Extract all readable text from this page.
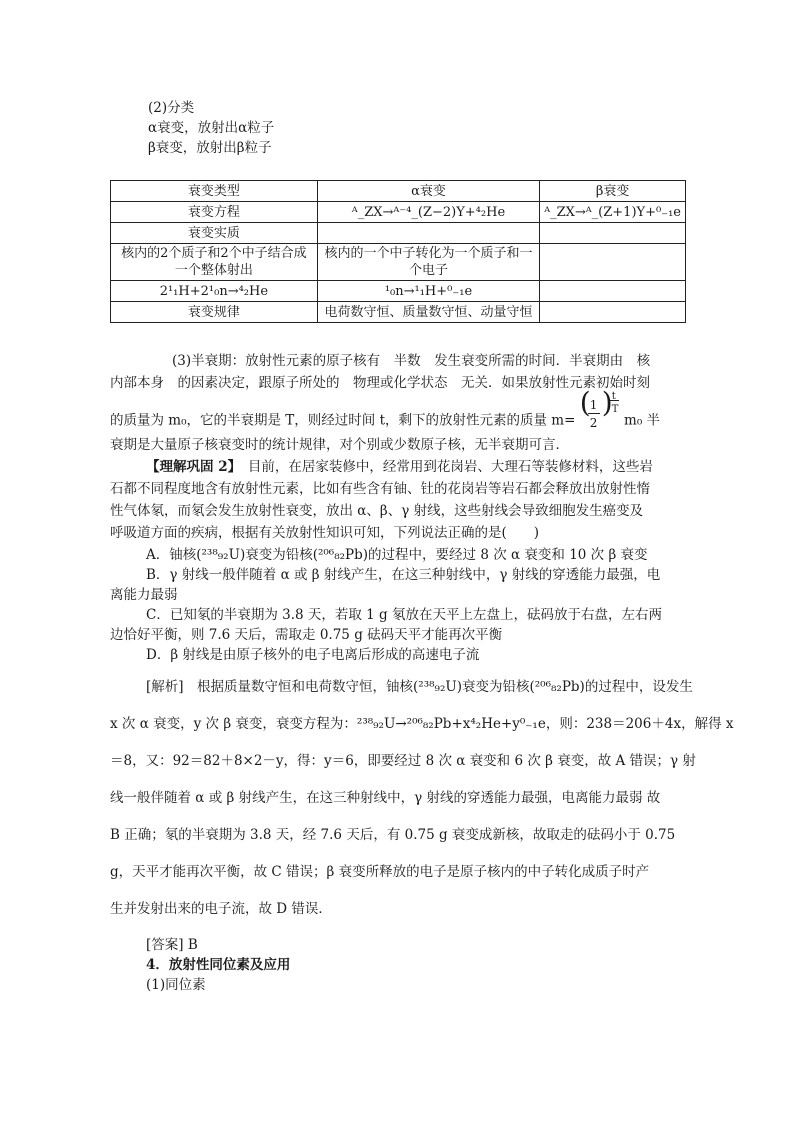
(2)分类
α衰变，放射出α粒子
β衰变，放射出β粒子
衰变类型	α衰变	β衰变
衰变方程	ᴬ_ZX→ᴬ⁻⁴_(Z−2)Y+⁴₂He	ᴬ_ZX→ᴬ_(Z+1)Y+⁰₋₁e
衰变实质		
核内的2个质子和2个中子结合成一个整体射出	核内的一个中子转化为一个质子和一个电子	
2¹₁H+2¹₀n→⁴₂He	¹₀n→¹₁H+⁰₋₁e	
衰变规律	电荷数守恒、质量数守恒、动量守恒	
(3)半衰期：放射性元素的原子核有　半数　发生衰变所需的时间．半衰期由　核
内部本身　的因素决定，跟原子所处的　物理或化学状态　无关．如果放射性元素初始时刻
的质量为 m₀，它的半衰期是 T，则经过时间 t，剩下的放射性元素的质量 m=
( 1
2
) t
T
m₀ 半
衰期是大量原子核衰变时的统计规律，对个别或少数原子核，无半衰期可言．
【理解巩固 2】　目前，在居家装修中，经常用到花岗岩、大理石等装修材料，这些岩
石都不同程度地含有放射性元素，比如有些含有铀、钍的花岗岩等岩石都会释放出放射性惰
性气体氡，而氡会发生放射性衰变，放出 α、β、γ 射线，这些射线会导致细胞发生癌变及
呼吸道方面的疾病，根据有关放射性知识可知，下列说法正确的是(　　)
A．铀核(²³⁸₉₂U)衰变为铅核(²⁰⁶₈₂Pb)的过程中，要经过 8 次 α 衰变和 10 次 β 衰变
B．γ 射线一般伴随着 α 或 β 射线产生，在这三种射线中，γ 射线的穿透能力最强，电
离能力最弱
C．已知氡的半衰期为 3.8 天，若取 1 g 氡放在天平上左盘上，砝码放于右盘，左右两
边恰好平衡，则 7.6 天后，需取走 0.75 g 砝码天平才能再次平衡
D．β 射线是由原子核外的电子电离后形成的高速电子流
[解析]　根据质量数守恒和电荷数守恒，铀核(²³⁸₉₂U)衰变为铅核(²⁰⁶₈₂Pb)的过程中，设发生
x 次 α 衰变，y 次 β 衰变，衰变方程为：²³⁸₉₂U→²⁰⁶₈₂Pb+x⁴₂He+y⁰₋₁e，则：238＝206＋4x，解得 x
＝8，又：92＝82＋8×2－y，得：y＝6，即要经过 8 次 α 衰变和 6 次 β 衰变，故 A 错误；γ 射
线一般伴随着 α 或 β 射线产生，在这三种射线中，γ 射线的穿透能力最强，电离能力最弱 故
B 正确；氡的半衰期为 3.8 天，经 7.6 天后，有 0.75 g 衰变成新核，故取走的砝码小于 0.75
g，天平才能再次平衡，故 C 错误；β 衰变所释放的电子是原子核内的中子转化成质子时产
生并发射出来的电子流，故 D 错误．
[答案] B
4．放射性同位素及应用
(1)同位素
